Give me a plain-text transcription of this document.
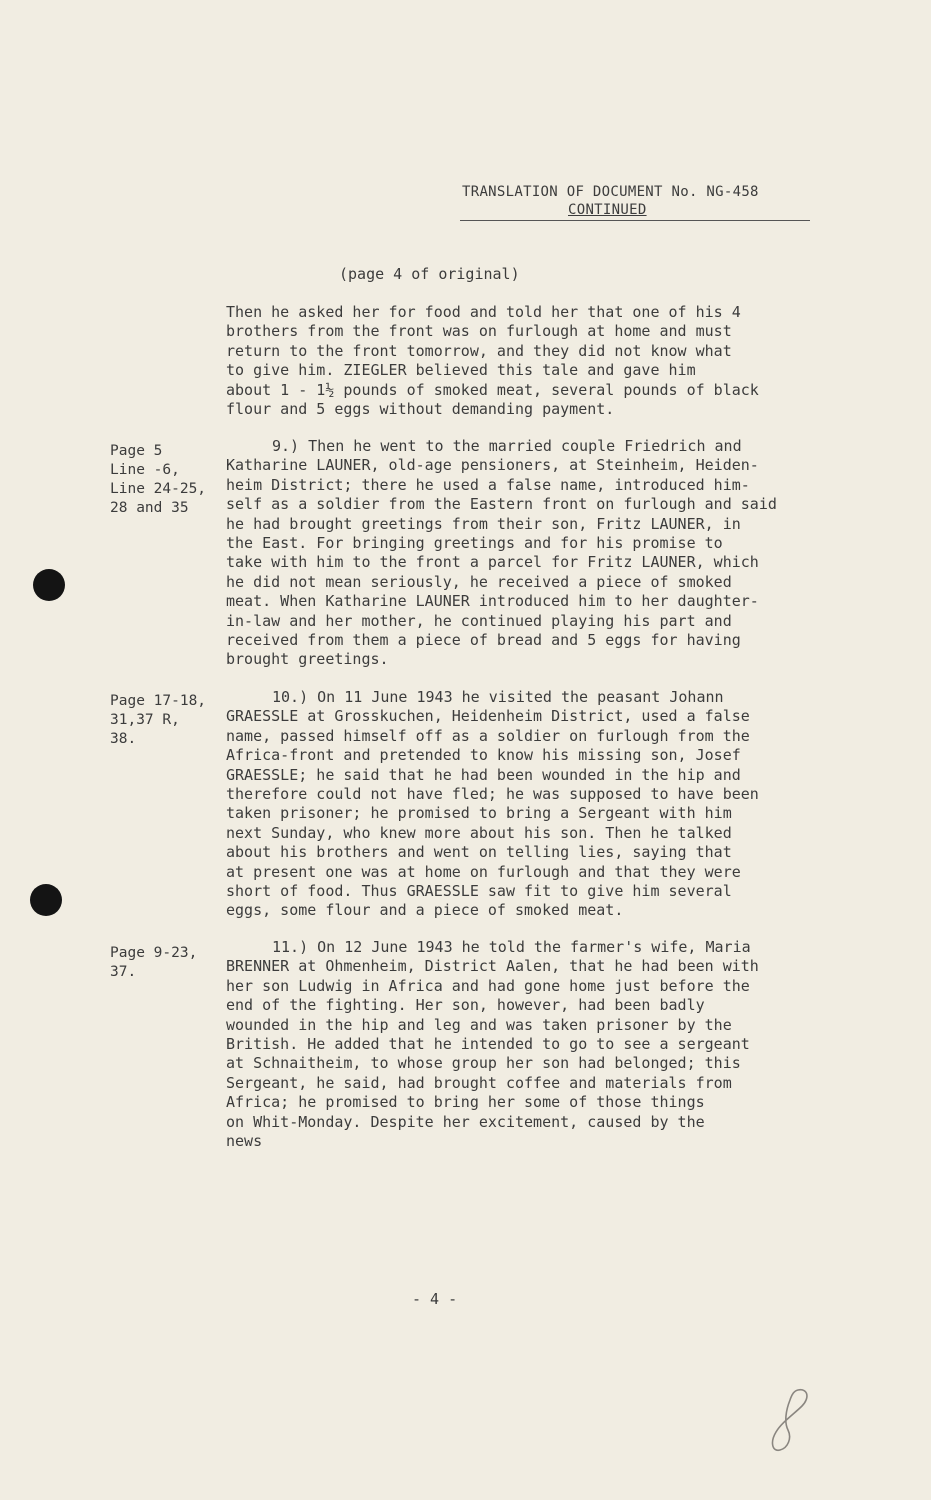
TRANSLATION OF DOCUMENT No. NG-458
CONTINUED
(page 4 of original)
Then he asked her for food and told her that one of his 4
brothers from the front was on furlough at home and must
return to the front tomorrow, and they did not know what
to give him. ZIEGLER believed this tale and gave him
about 1 - 1½ pounds of smoked meat, several pounds of black
flour and 5 eggs without demanding payment.
Page 5
Line -6,
Line 24-25,
28 and 35
9.) Then he went to the married couple Friedrich and
Katharine LAUNER, old-age pensioners, at Steinheim, Heiden-
heim District; there he used a false name, introduced him-
self as a soldier from the Eastern front on furlough and said
he had brought greetings from their son, Fritz LAUNER, in
the East. For bringing greetings and for his promise to
take with him to the front a parcel for Fritz LAUNER, which
he did not mean seriously, he received a piece of smoked
meat. When Katharine LAUNER introduced him to her daughter-
in-law and her mother, he continued playing his part and
received from them a piece of bread and 5 eggs for having
brought greetings.
Page 17-18,
31,37 R,
38.
10.) On 11 June 1943 he visited the peasant Johann
GRAESSLE at Grosskuchen, Heidenheim District, used a false
name, passed himself off as a soldier on furlough from the
Africa-front and pretended to know his missing son, Josef
GRAESSLE; he said that he had been wounded in the hip and
therefore could not have fled; he was supposed to have been
taken prisoner; he promised to bring a Sergeant with him
next Sunday, who knew more about his son. Then he talked
about his brothers and went on telling lies, saying that
at present one was at home on furlough and that they were
short of food. Thus GRAESSLE saw fit to give him several
eggs, some flour and a piece of smoked meat.
Page 9-23,
37.
11.) On 12 June 1943 he told the farmer's wife, Maria
BRENNER at Ohmenheim, District Aalen, that he had been with
her son Ludwig in Africa and had gone home just before the
end of the fighting. Her son, however, had been badly
wounded in the hip and leg and was taken prisoner by the
British. He added that he intended to go to see a sergeant
at Schnaitheim, to whose group her son had belonged; this
Sergeant, he said, had brought coffee and materials from
Africa; he promised to bring her some of those things
on Whit-Monday. Despite her excitement, caused by the
news
- 4 -
